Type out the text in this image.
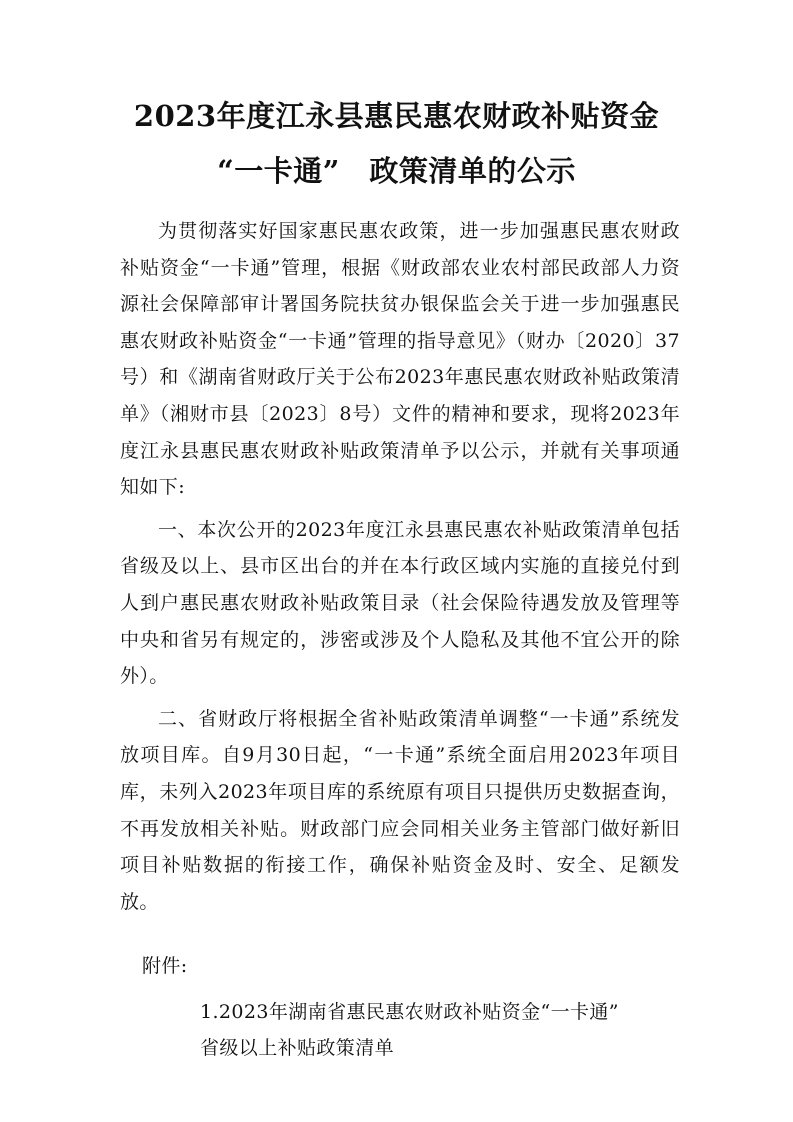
2023年度江永县惠民惠农财政补贴资金
“一卡通”　政策清单的公示

为贯彻落实好国家惠民惠农政策，进一步加强惠民惠农财政补贴资金“一卡通”管理，根据《财政部农业农村部民政部人力资源社会保障部审计署国务院扶贫办银保监会关于进一步加强惠民惠农财政补贴资金“一卡通”管理的指导意见》（财办〔2020〕37号）和《湖南省财政厅关于公布2023年惠民惠农财政补贴政策清单》（湘财市县〔2023〕8号）文件的精神和要求，现将2023年度江永县惠民惠农财政补贴政策清单予以公示，并就有关事项通知如下:

一、本次公开的2023年度江永县惠民惠农补贴政策清单包括省级及以上、县市区出台的并在本行政区域内实施的直接兑付到人到户惠民惠农财政补贴政策目录（社会保险待遇发放及管理等中央和省另有规定的，涉密或涉及个人隐私及其他不宜公开的除外）。

二、省财政厅将根据全省补贴政策清单调整“一卡通”系统发放项目库。自9月30日起，“一卡通”系统全面启用2023年项目库，未列入2023年项目库的系统原有项目只提供历史数据查询，不再发放相关补贴。财政部门应会同相关业务主管部门做好新旧项目补贴数据的衔接工作，确保补贴资金及时、安全、足额发放。

附件:
1.2023年湖南省惠民惠农财政补贴资金“一卡通”
省级以上补贴政策清单
